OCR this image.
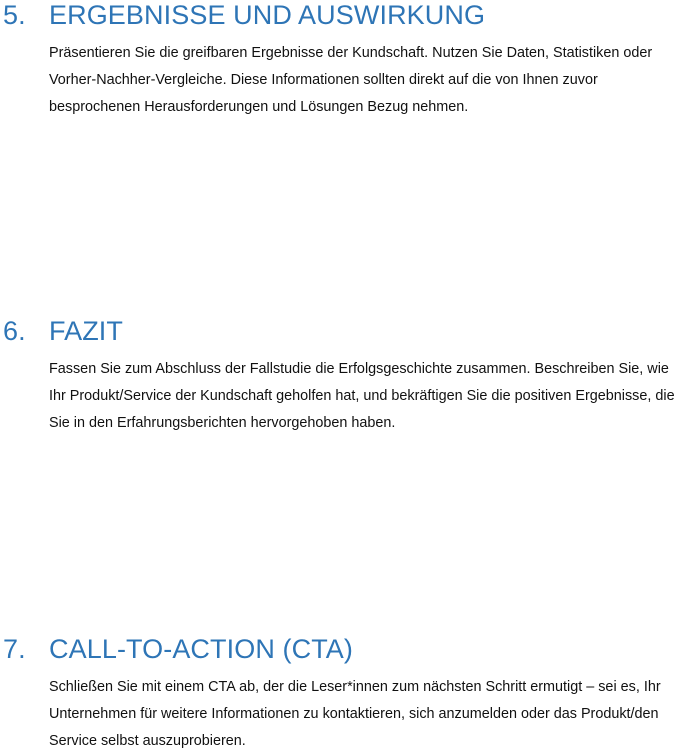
5. ERGEBNISSE UND AUSWIRKUNG

Präsentieren Sie die greifbaren Ergebnisse der Kundschaft. Nutzen Sie Daten, Statistiken oder Vorher-Nachher-Vergleiche. Diese Informationen sollten direkt auf die von Ihnen zuvor besprochenen Herausforderungen und Lösungen Bezug nehmen.

6. FAZIT

Fassen Sie zum Abschluss der Fallstudie die Erfolgsgeschichte zusammen. Beschreiben Sie, wie Ihr Produkt/Service der Kundschaft geholfen hat, und bekräftigen Sie die positiven Ergebnisse, die Sie in den Erfahrungsberichten hervorgehoben haben.

7. CALL-TO-ACTION (CTA)

Schließen Sie mit einem CTA ab, der die Leser*innen zum nächsten Schritt ermutigt – sei es, Ihr Unternehmen für weitere Informationen zu kontaktieren, sich anzumelden oder das Produkt/den Service selbst auszuprobieren.
